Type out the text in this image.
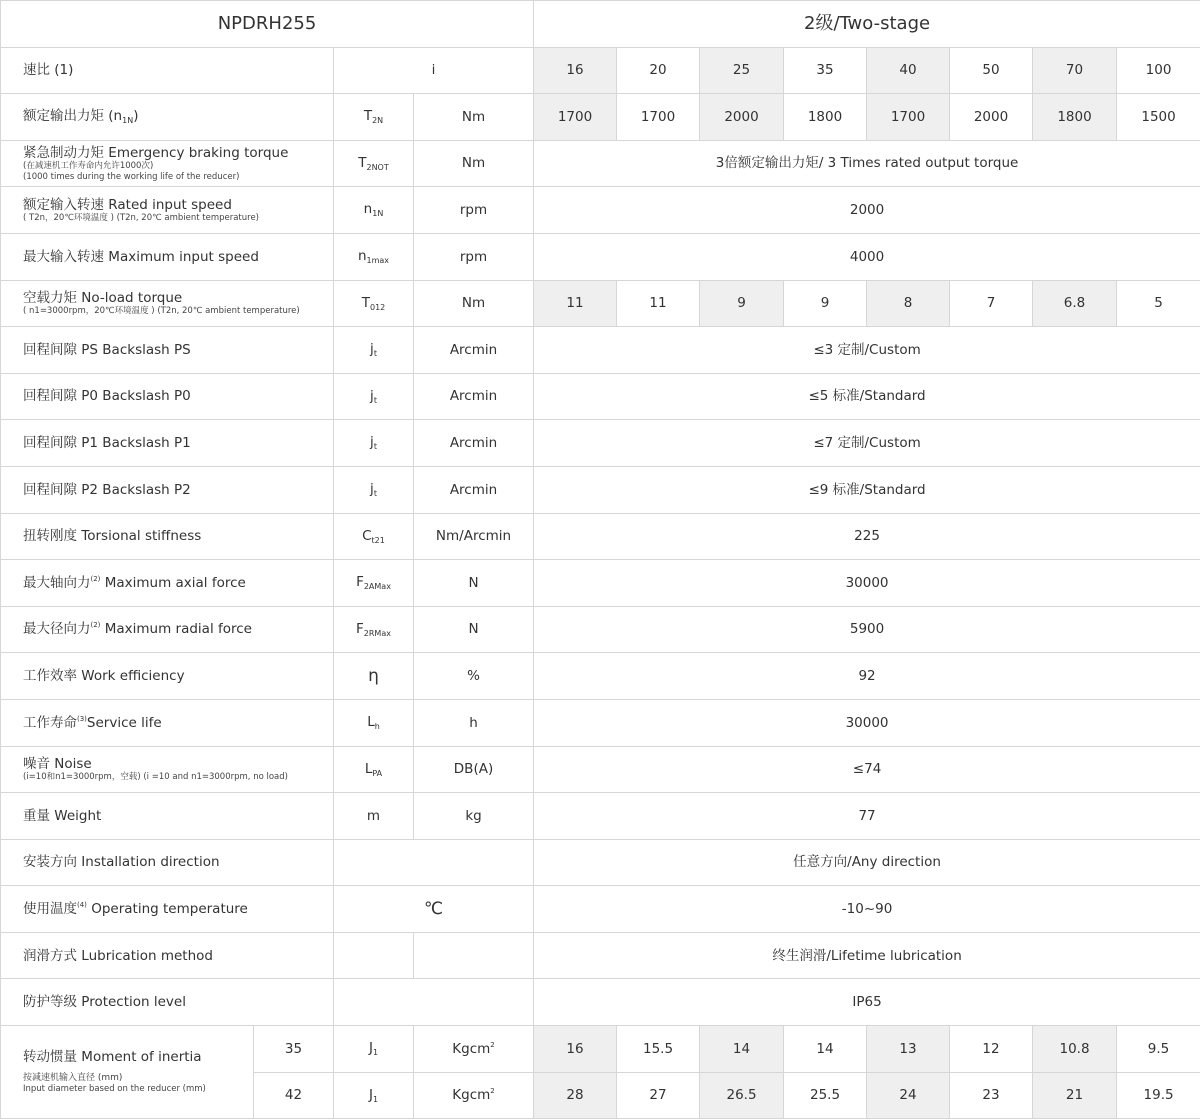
NPDRH255				2级/Two-stage							
速比 (1)		i		16	20	25	35	40	50	70	100
额定输出力矩 $(n_{1N})$		$T_{2N}$	Nm	1700	1700	2000	1800	1700	2000	1800	1500
紧急制动力矩 Emergency braking torque
(在减速机工作寿命内允许1000次)
(1000 times during the working life of the reducer)		$T_{2NOT}$	Nm	3倍额定输出力矩/ 3 Times rated output torque							
额定输入转速 Rated input speed
( T2n，20℃环境温度 ) (T2n, 20℃ ambient temperature)		$n_{1N}$	rpm	2000							
最大输入转速 Maximum input speed		$n_{1max}$	rpm	4000							
空载力矩 No-load torque
( n1=3000rpm，20℃环境温度 ) (T2n, 20℃ ambient temperature)		$T_{012}$	Nm	11	11	9	9	8	7	6.8	5
回程间隙 PS Backslash PS		$j_t$	Arcmin	≤3 定制/Custom							
回程间隙 P0 Backslash P0		$j_t$	Arcmin	≤5 标准/Standard							
回程间隙 P1 Backslash P1		$j_t$	Arcmin	≤7 定制/Custom							
回程间隙 P2 Backslash P2		$j_t$	Arcmin	≤9 标准/Standard							
扭转刚度 Torsional stiffness		$C_{t21}$	Nm/Arcmin	225							
最大轴向力$^{(2)}$ Maximum axial force		$F_{2AMax}$	N	30000							
最大径向力$^{(2)}$ Maximum radial force		$F_{2RMax}$	N	5900							
工作效率 Work efficiency		η	%	92							
工作寿命$^{(3)}$Service life		$L_h$	h	30000							
噪音 Noise
(i=10和n1=3000rpm，空载) (i =10 and n1=3000rpm, no load)		$L_{PA}$	DB(A)	≤74							
重量 Weight		m	kg	77							
安装方向 Installation direction				任意方向/Any direction							
使用温度$^{(4)}$ Operating temperature		℃		-10~90							
润滑方式 Lubrication method				终生润滑/Lifetime lubrication							
防护等级 Protection level				IP65							
转动惯量 Moment of inertia
按减速机输入直径 (mm)
Input diameter based on the reducer (mm)	35	$J_1$	Kgcm$^2$	16	15.5	14	14	13	12	10.8	9.5
	42	$J_1$	Kgcm$^2$	28	27	26.5	25.5	24	23	21	19.5
